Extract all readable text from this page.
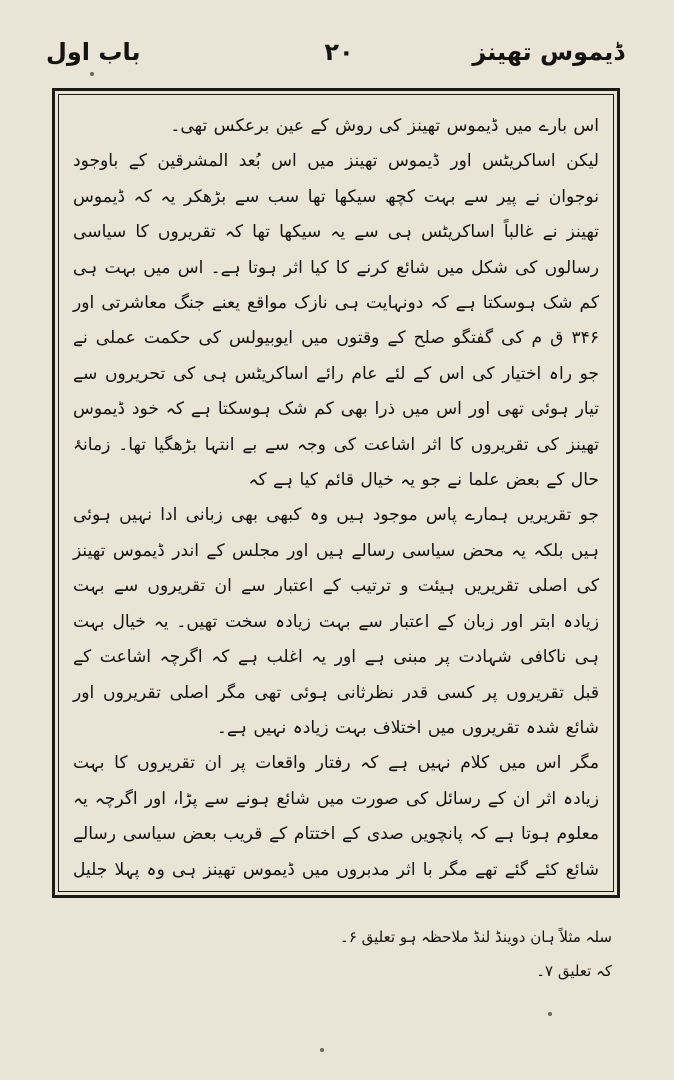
باب اول	۲۰	ڈیموس تھینز

اس بارے میں ڈیموس تھینز کی روش کے عین برعکس تھی۔

لیکن اساکریٹس اور ڈیموس تھینز میں اس بُعد المشرقین کے باوجود نوجوان نے پیر سے بہت کچھ سیکھا تھا سب سے بڑھکر یہ کہ ڈیموس تھینز نے غالباً اساکریٹس ہی سے یہ سیکھا تھا کہ تقریروں کا سیاسی رسالوں کی شکل میں شائع کرنے کا کیا اثر ہوتا ہے۔ اس میں بہت ہی کم شک ہوسکتا ہے کہ دونہایت ہی نازک مواقع یعنے جنگ معاشرتی اور ۳۴۶ ق م کی گفتگو صلح کے وقتوں میں ایوبیولس کی حکمت عملی نے جو راہ اختیار کی اس کے لئے عام رائے اساکریٹس ہی کی تحریروں سے تیار ہوئی تھی اور اس میں ذرا بھی کم شک ہوسکتا ہے کہ خود ڈیموس تھینز کی تقریروں کا اثر اشاعت کی وجہ سے بے انتہا بڑھگیا تھا۔ زمانۂ حال کے بعض علما نے جو یہ خیال قائم کیا ہے کہ

جو تقریریں ہمارے پاس موجود ہیں وہ کبھی بھی زبانی ادا نہیں ہوئی ہیں بلکہ یہ محض سیاسی رسالے ہیں اور مجلس کے اندر ڈیموس تھینز کی اصلی تقریریں ہیئت و ترتیب کے اعتبار سے ان تقریروں سے بہت زیادہ ابتر اور زبان کے اعتبار سے بہت زیادہ سخت تھیں۔ یہ خیال بہت ہی ناکافی شہادت پر مبنی ہے اور یہ اغلب ہے کہ اگرچہ اشاعت کے قبل تقریروں پر کسی قدر نظرثانی ہوئی تھی مگر اصلی تقریروں اور شائع شدہ تقریروں میں اختلاف بہت زیادہ نہیں ہے۔

مگر اس میں کلام نہیں ہے کہ رفتار واقعات پر ان تقریروں کا بہت زیادہ اثر ان کے رسائل کی صورت میں شائع ہونے سے پڑا، اور اگرچہ یہ معلوم ہوتا ہے کہ پانچویں صدی کے اختتام کے قریب بعض سیاسی رسالے شائع کئے گئے تھے مگر با اثر مدبروں میں ڈیموس تھینز ہی وہ پہلا جلیل

سلہ مثلاً ہان دوینڈ لنڈ ملاحظہ ہو تعلیق ۶۔
کہ تعلیق ۷۔
